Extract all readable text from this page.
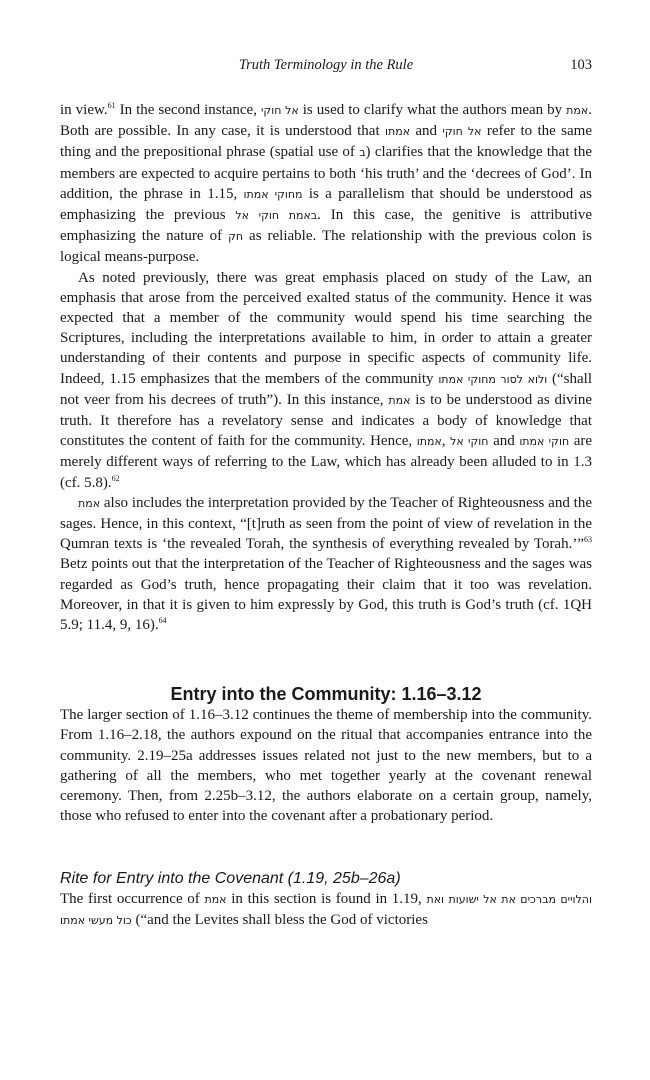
Truth Terminology in the Rule	103

in view.$^{61}$ In the second instance, אל חוקי is used to clarify what the authors mean by אמת. Both are possible. In any case, it is understood that אמתו and אל חוקי refer to the same thing and the prepositional phrase (spatial use of ב) clarifies that the knowledge that the members are expected to acquire pertains to both ‘his truth’ and the ‘decrees of God’. In addition, the phrase in 1.15, מחוקי אמתו is a parallelism that should be understood as emphasizing the previous באמת חוקי אל. In this case, the genitive is attributive emphasizing the nature of חק as reliable. The relationship with the previous colon is logical means-purpose.

As noted previously, there was great emphasis placed on study of the Law, an emphasis that arose from the perceived exalted status of the community. Hence it was expected that a member of the community would spend his time searching the Scriptures, including the interpretations available to him, in order to attain a greater understanding of their contents and purpose in specific aspects of community life. Indeed, 1.15 emphasizes that the members of the community ולוא לסור מחוקי אמתו (“shall not veer from his decrees of truth”). In this instance, אמת is to be understood as divine truth. It therefore has a revelatory sense and indicates a body of knowledge that constitutes the content of faith for the community. Hence, אמתו, חוקי אל and חוקי אמתו are merely different ways of referring to the Law, which has already been alluded to in 1.3 (cf. 5.8).$^{62}$

אמת also includes the interpretation provided by the Teacher of Righteousness and the sages. Hence, in this context, “[t]ruth as seen from the point of view of revelation in the Qumran texts is ‘the revealed Torah, the synthesis of everything revealed by Torah.’”$^{63}$ Betz points out that the interpretation of the Teacher of Righteousness and the sages was regarded as God’s truth, hence propagating their claim that it too was revelation. Moreover, in that it is given to him expressly by God, this truth is God’s truth (cf. 1QH 5.9; 11.4, 9, 16).$^{64}$

Entry into the Community: 1.16–3.12

The larger section of 1.16–3.12 continues the theme of membership into the community. From 1.16–2.18, the authors expound on the ritual that accompanies entrance into the community. 2.19–25a addresses issues related not just to the new members, but to a gathering of all the members, who met together yearly at the covenant renewal ceremony. Then, from 2.25b–3.12, the authors elaborate on a certain group, namely, those who refused to enter into the covenant after a probationary period.

Rite for Entry into the Covenant (1.19, 25b–26a)

The first occurrence of אמת in this section is found in 1.19, והלויים מברכים את אל ישועות ואת כול מעשי אמתו (“and the Levites shall bless the God of victories
